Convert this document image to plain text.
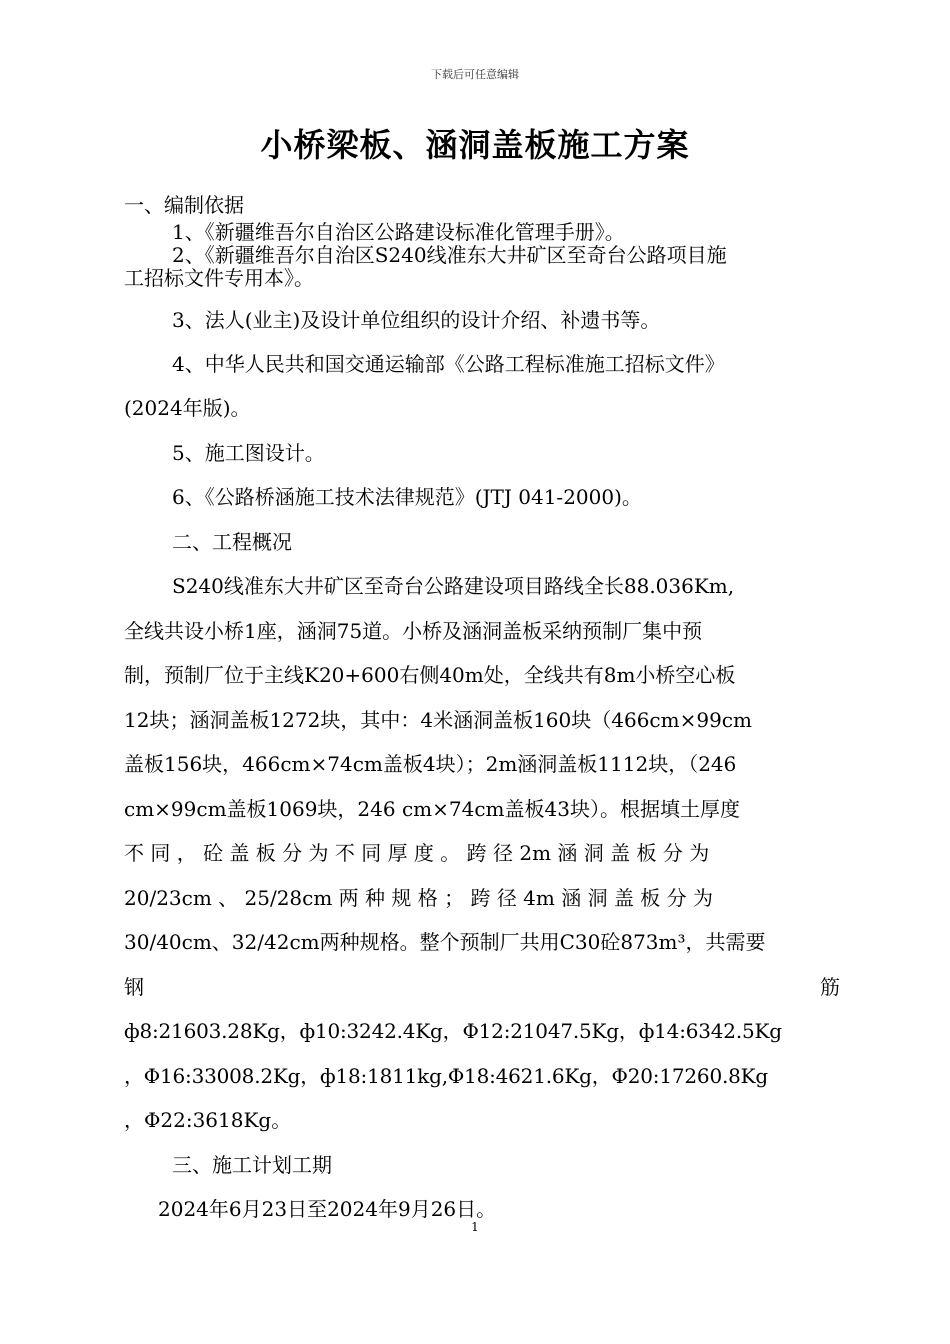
下载后可任意编辑
小桥梁板、涵洞盖板施工方案
一、编制依据
1、《新疆维吾尔自治区公路建设标准化管理手册》。
2、《新疆维吾尔自治区S240线准东大井矿区至奇台公路项目施
工招标文件专用本》。
3、法人(业主)及设计单位组织的设计介绍、补遗书等。
4、中华人民共和国交通运输部《公路工程标准施工招标文件》
(2024年版)。
5、施工图设计。
6、《公路桥涵施工技术法律规范》(JTJ 041-2000)。
二、工程概况
S240线准东大井矿区至奇台公路建设项目路线全长88.036Km,
全线共设小桥1座，涵洞75道。小桥及涵洞盖板采纳预制厂集中预
制，预制厂位于主线K20+600右侧40m处，全线共有8m小桥空心板
12块；涵洞盖板1272块，其中：4米涵洞盖板160块（466cm×99cm
盖板156块，466cm×74cm盖板4块）；2m涵洞盖板1112块，（246
cm×99cm盖板1069块，246 cm×74cm盖板43块）。根据填土厚度
不 同 ， 砼 盖 板 分 为 不 同 厚 度 。 跨 径 2m 涵 洞 盖 板 分 为
20/23cm 、 25/28cm 两 种 规 格 ； 跨 径 4m 涵 洞 盖 板 分 为
30/40cm、32/42cm两种规格。整个预制厂共用C30砼873m³，共需要
钢	筋
ф8:21603.28Kg，ф10:3242.4Kg，Φ12:21047.5Kg，ф14:6342.5Kg
，Φ16:33008.2Kg，ф18:1811kg,Φ18:4621.6Kg，Φ20:17260.8Kg
，Φ22:3618Kg。
三、施工计划工期
2024年6月23日至2024年9月26日。
1
